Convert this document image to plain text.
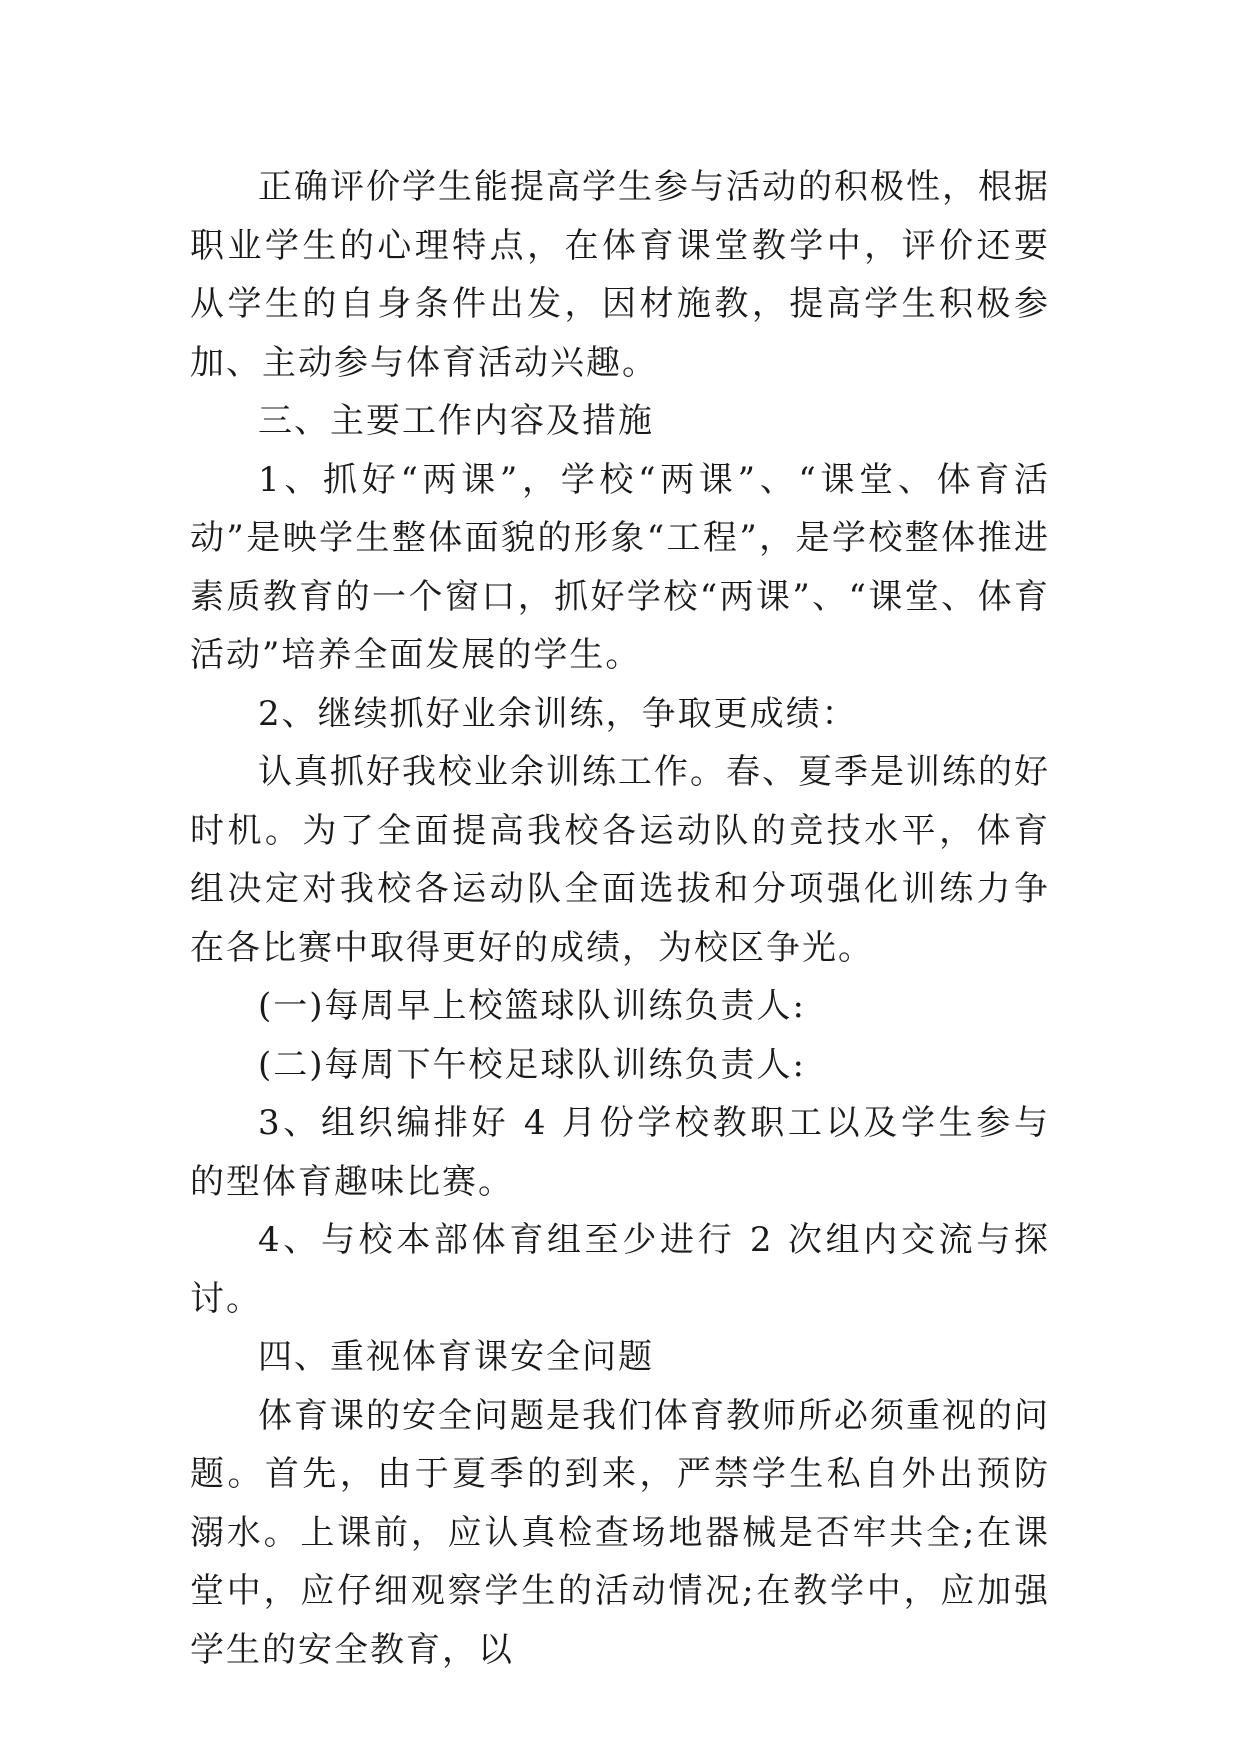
正确评价学生能提高学生参与活动的积极性，根据职业学生的心理特点，在体育课堂教学中，评价还要从学生的自身条件出发，因材施教，提高学生积极参加、主动参与体育活动兴趣。

三、主要工作内容及措施

1、抓好“两课”，学校“两课”、“课堂、体育活动”是映学生整体面貌的形象“工程”，是学校整体推进素质教育的一个窗口，抓好学校“两课”、“课堂、体育活动”培养全面发展的学生。

2、继续抓好业余训练，争取更成绩：

认真抓好我校业余训练工作。春、夏季是训练的好时机。为了全面提高我校各运动队的竞技水平，体育组决定对我校各运动队全面选拔和分项强化训练力争在各比赛中取得更好的成绩，为校区争光。

(一)每周早上校篮球队训练负责人:

(二)每周下午校足球队训练负责人:

3、组织编排好 4 月份学校教职工以及学生参与的型体育趣味比赛。

4、与校本部体育组至少进行 2 次组内交流与探讨。

四、重视体育课安全问题

体育课的安全问题是我们体育教师所必须重视的问题。首先，由于夏季的到来，严禁学生私自外出预防溺水。上课前，应认真检查场地器械是否牢共全;在课堂中，应仔细观察学生的活动情况;在教学中，应加强学生的安全教育，以
